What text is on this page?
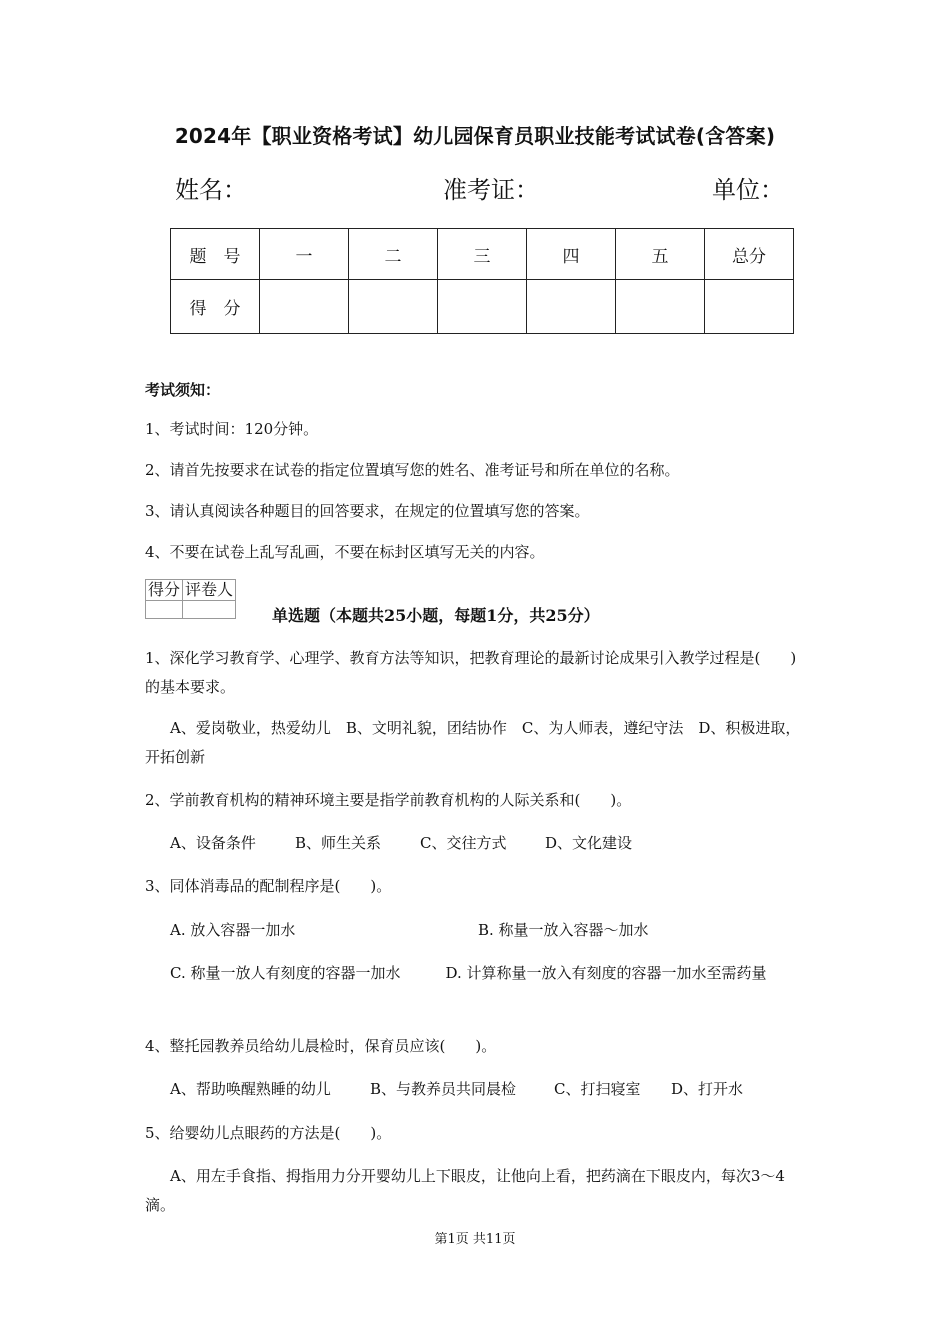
2024年【职业资格考试】幼儿园保育员职业技能考试试卷(含答案)
姓名：	准考证：	单位：
题　号	一	二	三	四	五	总分
得　分						
考试须知：
1、考试时间：120分钟。
2、请首先按要求在试卷的指定位置填写您的姓名、准考证号和所在单位的名称。
3、请认真阅读各种题目的回答要求，在规定的位置填写您的答案。
4、不要在试卷上乱写乱画，不要在标封区填写无关的内容。
得分	评卷人

单选题（本题共25小题，每题1分，共25分）
1、深化学习教育学、心理学、教育方法等知识，把教育理论的最新讨论成果引入教学过程是(　　)的基本要求。
A、爱岗敬业，热爱幼儿　B、文明礼貌，团结协作　C、为人师表，遵纪守法　D、积极进取，开拓创新
2、学前教育机构的精神环境主要是指学前教育机构的人际关系和(　　)。
A、设备条件	B、师生关系	C、交往方式	D、文化建设
3、同体消毒品的配制程序是(　　)。
A. 放入容器一加水	B. 称量一放入容器～加水
C. 称量一放人有刻度的容器一加水　　　D. 计算称量一放入有刻度的容器一加水至需药量
4、整托园教养员给幼儿晨检时，保育员应该(　　)。
A、帮助唤醒熟睡的幼儿	B、与教养员共同晨检	C、打扫寝室 D、打开水
5、给婴幼儿点眼药的方法是(　　)。
A、用左手食指、拇指用力分开婴幼儿上下眼皮，让他向上看，把药滴在下眼皮内，每次3～4滴。
第1页 共11页
